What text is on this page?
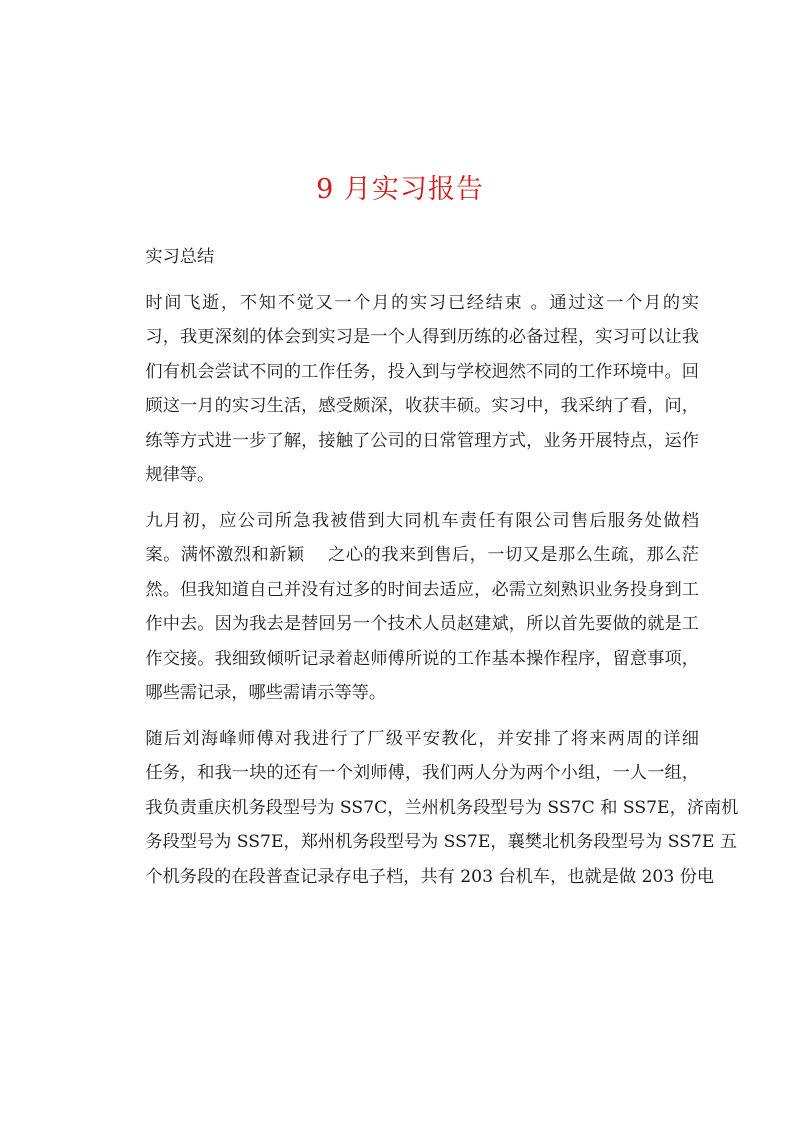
9 月实习报告

实习总结

时间飞逝，不知不觉又一个月的实习已经结束 。通过这一个月的实
习，我更深刻的体会到实习是一个人得到历练的必备过程，实习可以让我
们有机会尝试不同的工作任务，投入到与学校迥然不同的工作环境中。回
顾这一月的实习生活，感受颇深，收获丰硕。实习中，我采纳了看，问，
练等方式进一步了解，接触了公司的日常管理方式，业务开展特点，运作
规律等。

九月初，应公司所急我被借到大同机车责任有限公司售后服务处做档
案。满怀激烈和新颖　 之心的我来到售后，一切又是那么生疏，那么茫
然。但我知道自己并没有过多的时间去适应，必需立刻熟识业务投身到工
作中去。因为我去是替回另一个技术人员赵建斌，所以首先要做的就是工
作交接。我细致倾听记录着赵师傅所说的工作基本操作程序，留意事项，
哪些需记录，哪些需请示等等。

随后刘海峰师傅对我进行了厂级平安教化，并安排了将来两周的详细
任务，和我一块的还有一个刘师傅，我们两人分为两个小组，一人一组，
我负责重庆机务段型号为 SS7C，兰州机务段型号为 SS7C 和 SS7E，济南机
务段型号为 SS7E，郑州机务段型号为 SS7E，襄樊北机务段型号为 SS7E 五
个机务段的在段普查记录存电子档，共有 203 台机车，也就是做 203 份电
